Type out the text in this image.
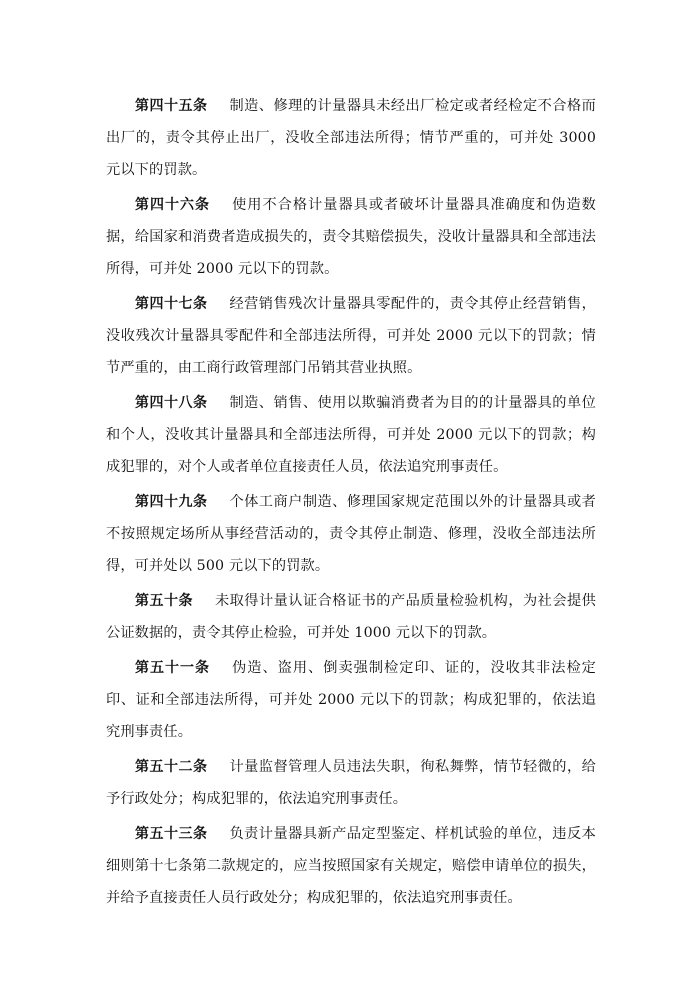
第四十五条 制造、修理的计量器具未经出厂检定或者经检定不合格而出厂的，责令其停止出厂，没收全部违法所得；情节严重的，可并处 3000 元以下的罚款。

第四十六条 使用不合格计量器具或者破坏计量器具准确度和伪造数据，给国家和消费者造成损失的，责令其赔偿损失，没收计量器具和全部违法所得，可并处 2000 元以下的罚款。

第四十七条 经营销售残次计量器具零配件的，责令其停止经营销售，没收残次计量器具零配件和全部违法所得，可并处 2000 元以下的罚款；情节严重的，由工商行政管理部门吊销其营业执照。

第四十八条 制造、销售、使用以欺骗消费者为目的的计量器具的单位和个人，没收其计量器具和全部违法所得，可并处 2000 元以下的罚款；构成犯罪的，对个人或者单位直接责任人员，依法追究刑事责任。

第四十九条 个体工商户制造、修理国家规定范围以外的计量器具或者不按照规定场所从事经营活动的，责令其停止制造、修理，没收全部违法所得，可并处以 500 元以下的罚款。

第五十条 未取得计量认证合格证书的产品质量检验机构，为社会提供公证数据的，责令其停止检验，可并处 1000 元以下的罚款。

第五十一条 伪造、盗用、倒卖强制检定印、证的，没收其非法检定印、证和全部违法所得，可并处 2000 元以下的罚款；构成犯罪的，依法追究刑事责任。

第五十二条 计量监督管理人员违法失职，徇私舞弊，情节轻微的，给予行政处分；构成犯罪的，依法追究刑事责任。

第五十三条 负责计量器具新产品定型鉴定、样机试验的单位，违反本细则第十七条第二款规定的，应当按照国家有关规定，赔偿申请单位的损失，并给予直接责任人员行政处分；构成犯罪的，依法追究刑事责任。
